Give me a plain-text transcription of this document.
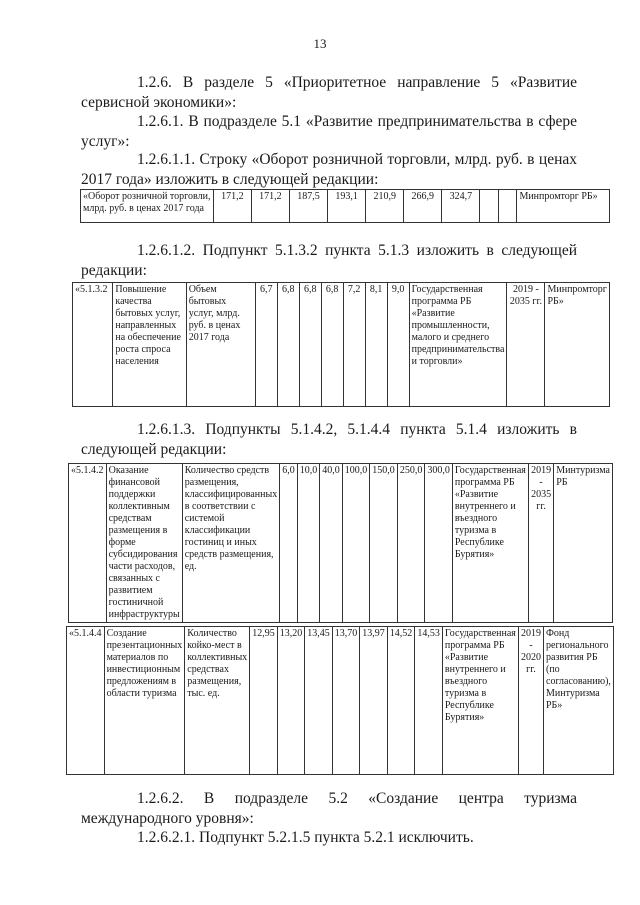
13
1.2.6. В разделе 5 «Приоритетное направление 5 «Развитие сервисной экономики»:
1.2.6.1. В подразделе 5.1 «Развитие предпринимательства в сфере услуг»:
1.2.6.1.1. Строку «Оборот розничной торговли, млрд. руб. в ценах 2017 года» изложить в следующей редакции:
«Оборот розничной торговли, млрд. руб. в ценах 2017 года	171,2	171,2	187,5	193,1	210,9	266,9	324,7			Минпромторг РБ»
1.2.6.1.2. Подпункт 5.1.3.2 пункта 5.1.3 изложить в следующей редакции:
«5.1.3.2	Повышение качества бытовых услуг, направленных на обеспечение роста спроса населения	Объем бытовых услуг, млрд. руб. в ценах 2017 года	6,7	6,8	6,8	6,8	7,2	8,1	9,0	Государственная программа РБ «Развитие промышленности, малого и среднего предпринимательства и торговли»	2019 - 2035 гг.	Минпромторг РБ»
1.2.6.1.3. Подпункты 5.1.4.2, 5.1.4.4 пункта 5.1.4 изложить в следующей редакции:
«5.1.4.2	Оказание финансовой поддержки коллективным средствам размещения в форме субсидирования части расходов, связанных с развитием гостиничной инфраструктуры	Количество средств размещения, классифицированных в соответствии с системой классификации гостиниц и иных средств размещения, ед.	6,0	10,0	40,0	100,0	150,0	250,0	300,0	Государственная программа РБ «Развитие внутреннего и въездного туризма в Республике Бурятия»	2019 - 2035 гг.	Минтуризма РБ
«5.1.4.4	Создание презентационных материалов по инвестиционным предложениям в области туризма	Количество койко-мест в коллективных средствах размещения, тыс. ед.	12,95	13,20	13,45	13,70	13,97	14,52	14,53	Государственная программа РБ «Развитие внутреннего и въездного туризма в Республике Бурятия»	2019 - 2020 гг.	Фонд регионального развития РБ (по согласованию), Минтуризма РБ»
1.2.6.2. В подразделе 5.2 «Создание центра туризма международного уровня»:
1.2.6.2.1. Подпункт 5.2.1.5 пункта 5.2.1 исключить.
